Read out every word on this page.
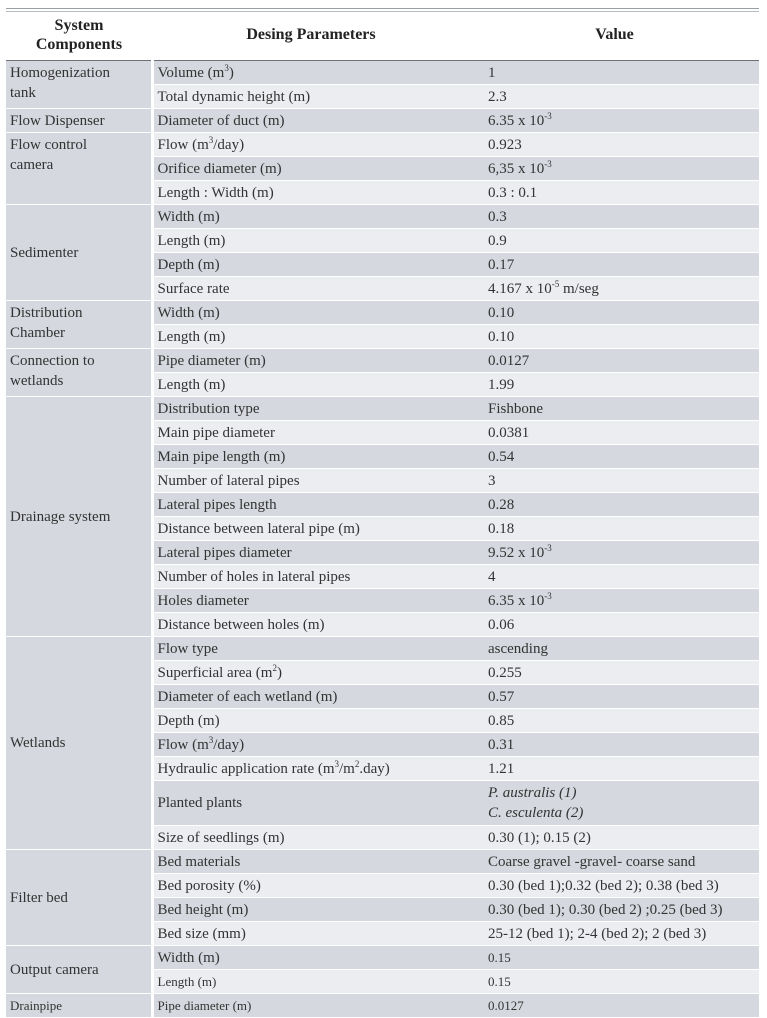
System
Components	Desing Parameters	Value
Homogenization
tank	Volume $(m^3)$	1
	Total dynamic height (m)	2.3
Flow Dispenser	Diameter of duct (m)	6.35 x $10^{-3}$
Flow control
camera	Flow $(m^3/day)$	0.923
	Orifice diameter (m)	6,35 x $10^{-3}$
	Length : Width (m)	0.3 : 0.1
Sedimenter	Width (m)	0.3
	Length (m)	0.9
	Depth (m)	0.17
	Surface rate	4.167 x $10^{-5}$ m/seg
Distribution
Chamber	Width (m)	0.10
	Length (m)	0.10
Connection to
wetlands	Pipe diameter (m)	0.0127
	Length (m)	1.99
Drainage system	Distribution type	Fishbone
	Main pipe diameter	0.0381
	Main pipe length (m)	0.54
	Number of lateral pipes	3
	Lateral pipes length	0.28
	Distance between lateral pipe (m)	0.18
	Lateral pipes diameter	9.52 x $10^{-3}$
	Number of holes in lateral pipes	4
	Holes diameter	6.35 x $10^{-3}$
	Distance between holes (m)	0.06
Wetlands	Flow type	ascending
	Superficial area $(m^2)$	0.255
	Diameter of each wetland (m)	0.57
	Depth (m)	0.85
	Flow $(m^3/day)$	0.31
	Hydraulic application rate $(m^3/m^2.day)$	1.21
	Planted plants	P. australis (1)
C. esculenta (2)
	Size of seedlings (m)	0.30 (1); 0.15 (2)
Filter bed	Bed materials	Coarse gravel -gravel- coarse sand
	Bed porosity (%)	0.30 (bed 1);0.32 (bed 2); 0.38 (bed 3)
	Bed height (m)	0.30 (bed 1); 0.30 (bed 2) ;0.25 (bed 3)
	Bed size (mm)	25-12 (bed 1); 2-4 (bed 2); 2 (bed 3)
Output camera	Width (m)	0.15
	Length (m)	0.15
Drainpipe	Pipe diameter (m)	0.0127
